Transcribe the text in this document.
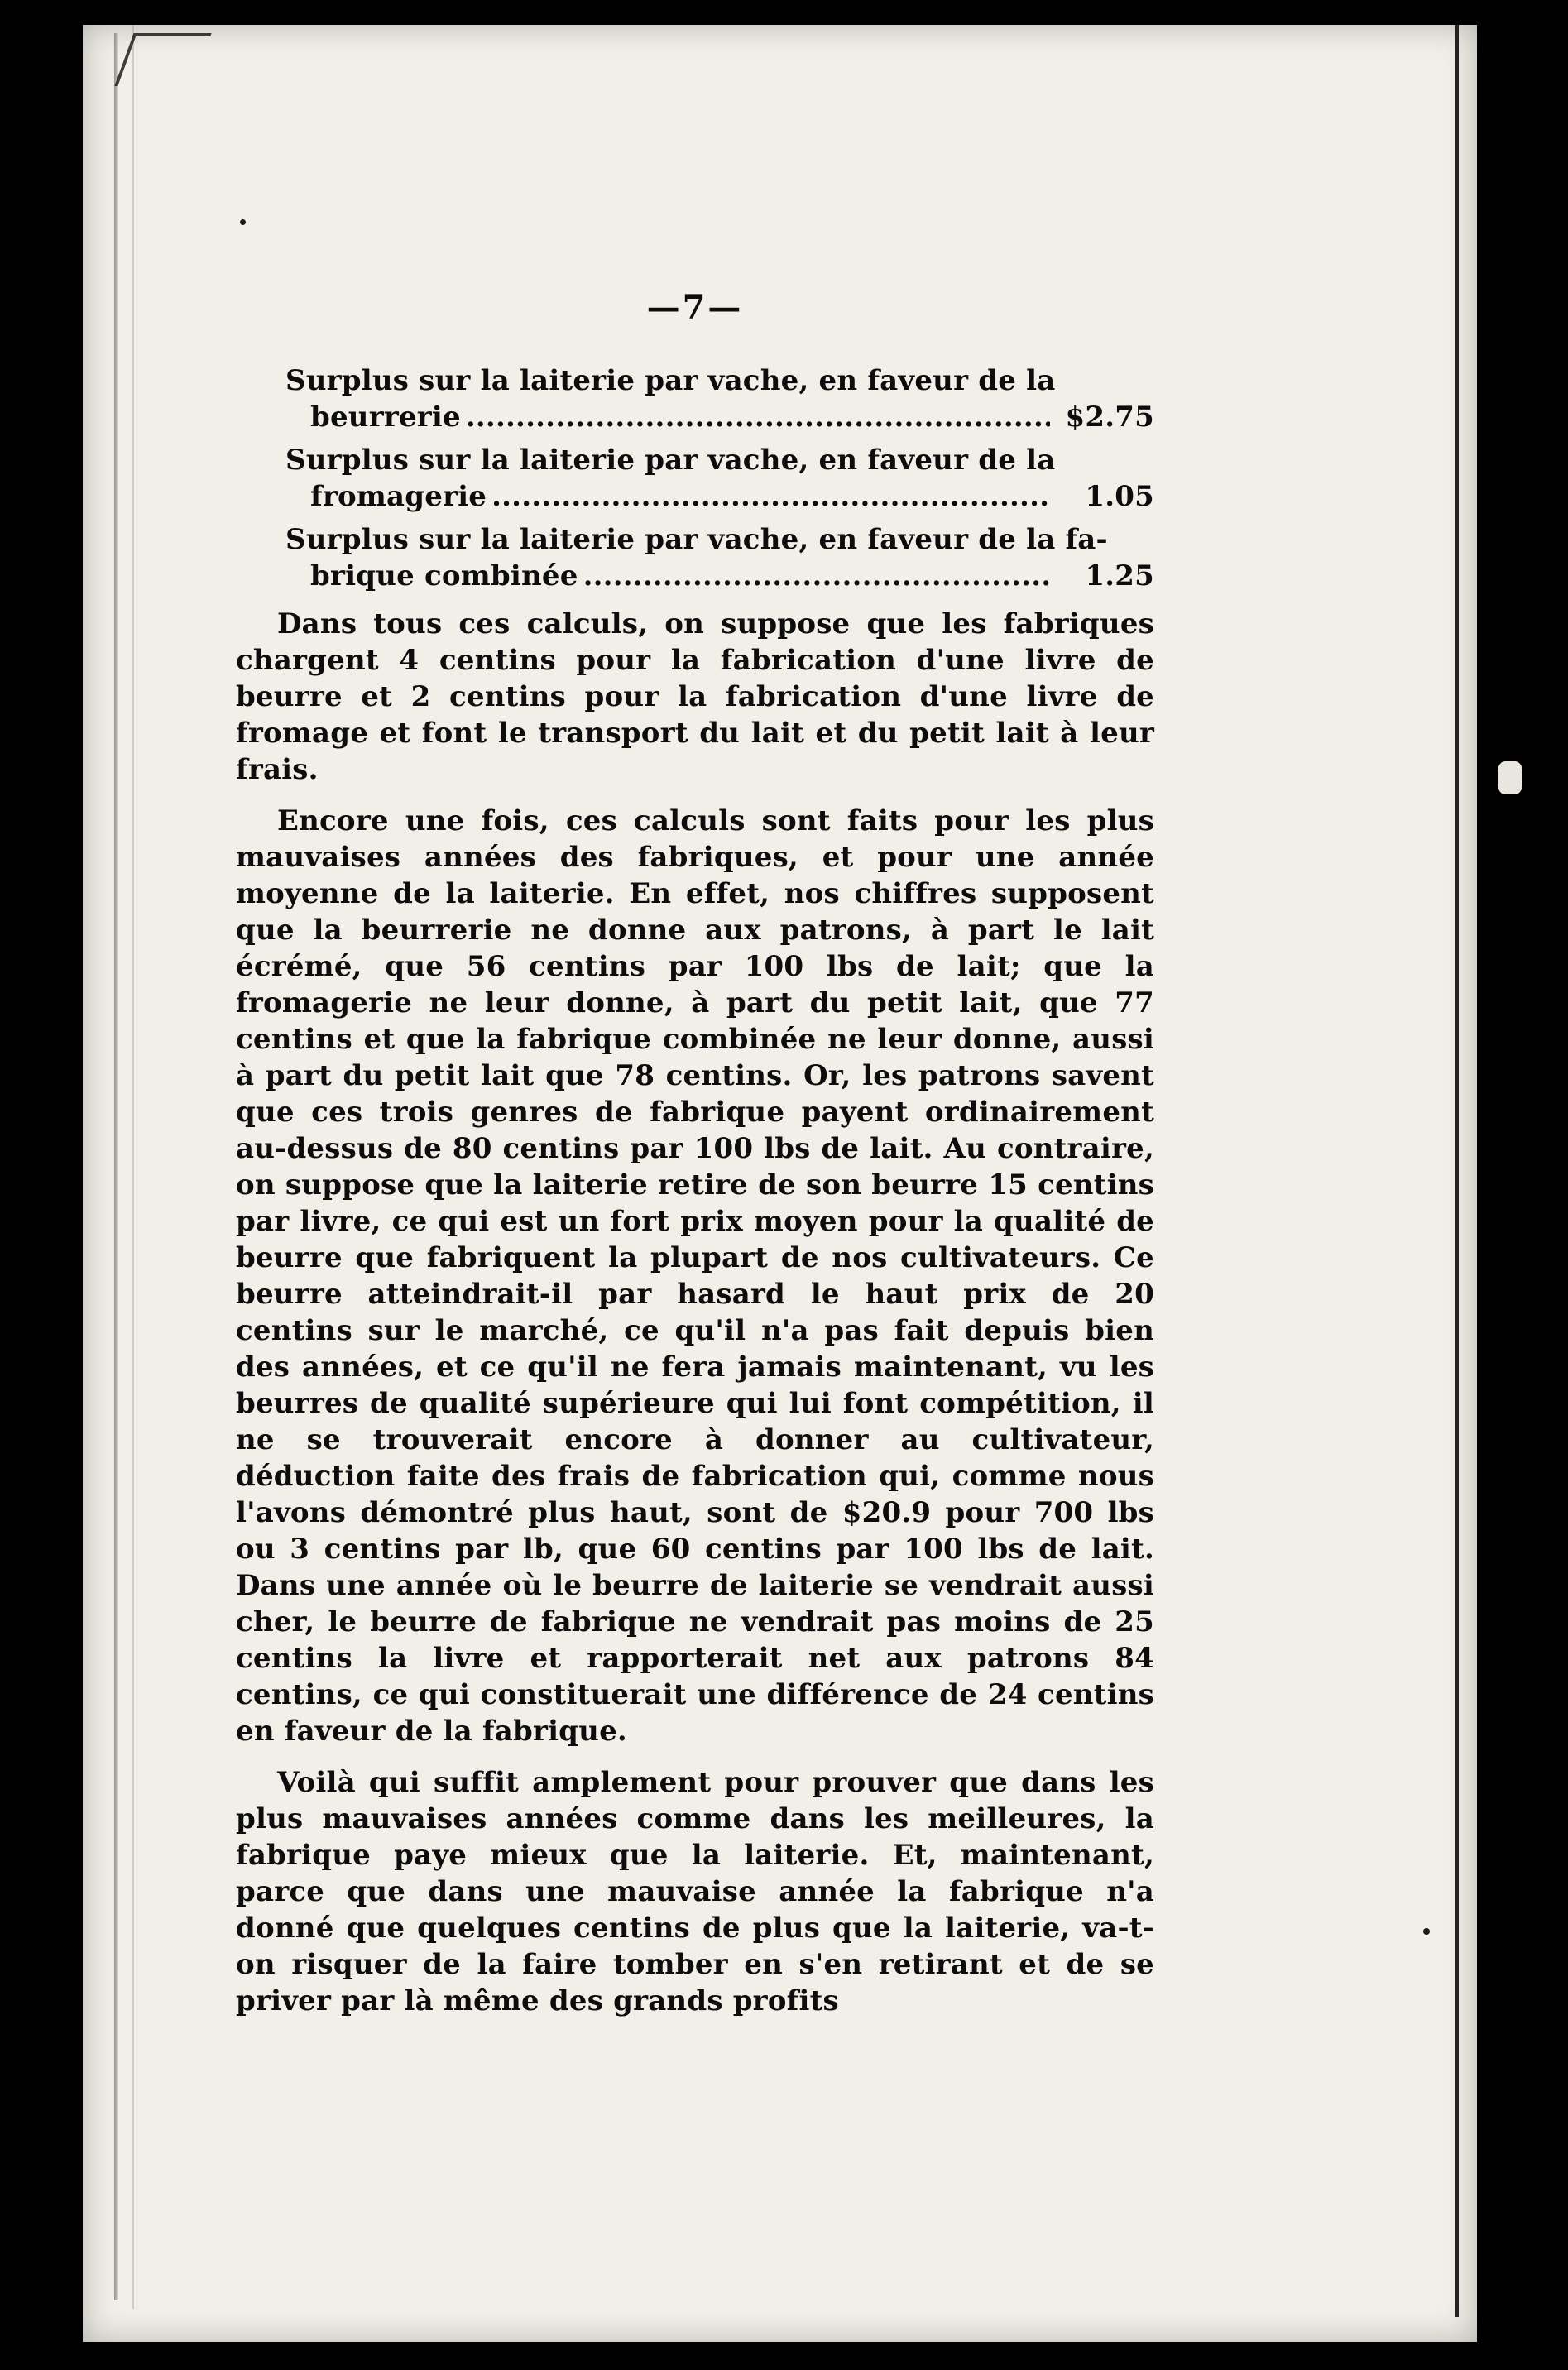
—7—
Surplus sur la laiterie par vache, en faveur de la
beurrerie .....	$2.75
Surplus sur la laiterie par vache, en faveur de la
fromagerie .....	1.05
Surplus sur la laiterie par vache, en faveur de la fa-
brique combinée .....	1.25

Dans tous ces calculs, on suppose que les fabriques chargent 4 centins pour la fabrication d'une livre de beurre et 2 centins pour la fabrication d'une livre de fromage et font le transport du lait et du petit lait à leur frais.

Encore une fois, ces calculs sont faits pour les plus mauvaises années des fabriques, et pour une année moyenne de la laiterie. En effet, nos chiffres supposent que la beurrerie ne donne aux patrons, à part le lait écrémé, que 56 centins par 100 lbs de lait; que la fromagerie ne leur donne, à part du petit lait, que 77 centins et que la fabrique combinée ne leur donne, aussi à part du petit lait que 78 centins. Or, les patrons savent que ces trois genres de fabrique payent ordinairement au-dessus de 80 centins par 100 lbs de lait. Au contraire, on suppose que la laiterie retire de son beurre 15 centins par livre, ce qui est un fort prix moyen pour la qualité de beurre que fabriquent la plupart de nos cultivateurs. Ce beurre atteindrait-il par hasard le haut prix de 20 centins sur le marché, ce qu'il n'a pas fait depuis bien des années, et ce qu'il ne fera jamais maintenant, vu les beurres de qualité supérieure qui lui font compétition, il ne se trouverait encore à donner au cultivateur, déduction faite des frais de fabrication qui, comme nous l'avons démontré plus haut, sont de $20.9 pour 700 lbs ou 3 centins par lb, que 60 centins par 100 lbs de lait. Dans une année où le beurre de laiterie se vendrait aussi cher, le beurre de fabrique ne vendrait pas moins de 25 centins la livre et rapporterait net aux patrons 84 centins, ce qui constituerait une différence de 24 centins en faveur de la fabrique.

Voilà qui suffit amplement pour prouver que dans les plus mauvaises années comme dans les meilleures, la fabrique paye mieux que la laiterie. Et, maintenant, parce que dans une mauvaise année la fabrique n'a donné que quelques centins de plus que la laiterie, va-t-on risquer de la faire tomber en s'en retirant et de se priver par là même des grands profits
